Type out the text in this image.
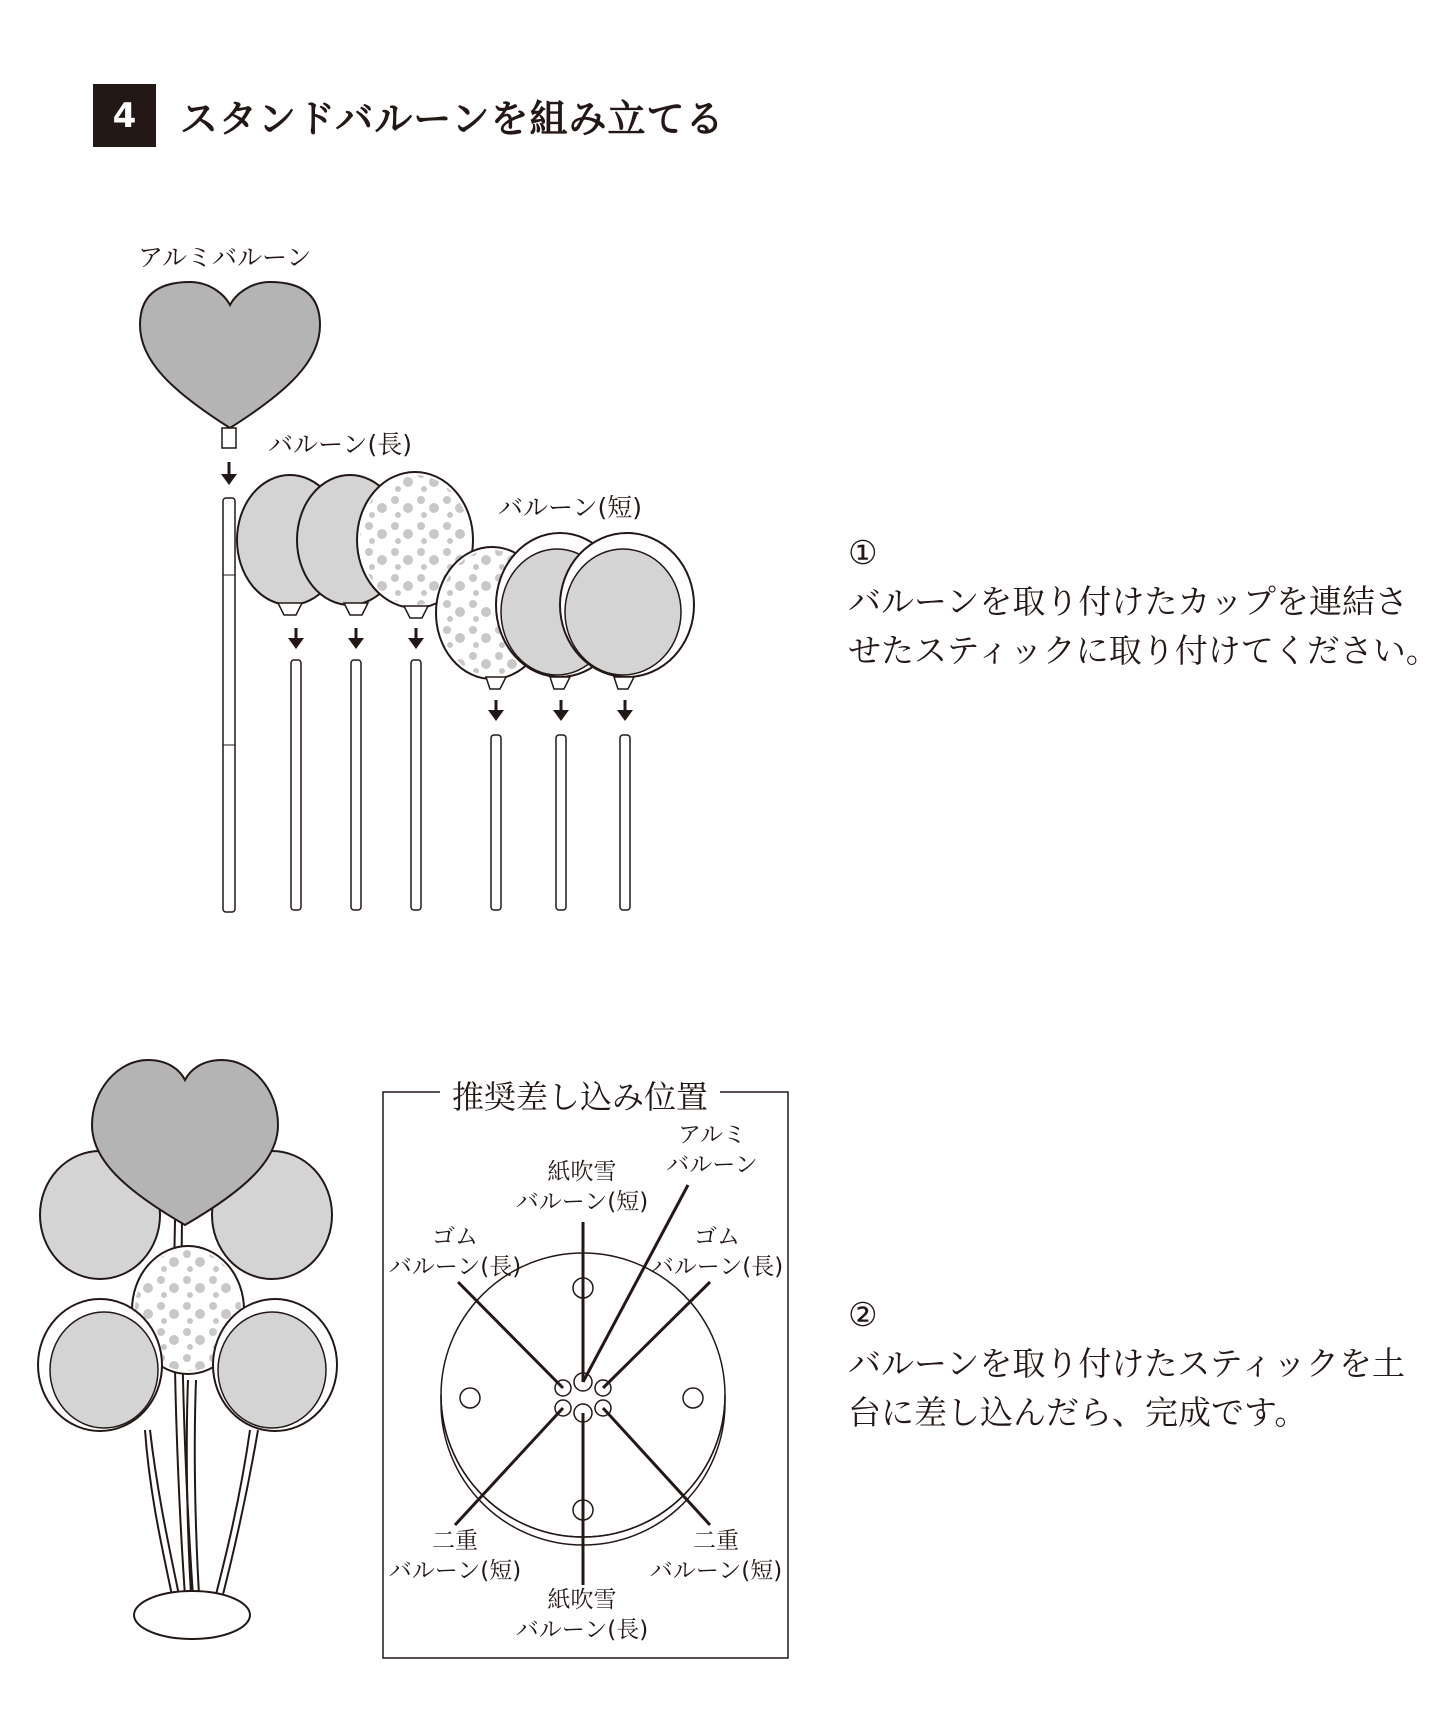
4	スタンドバルーンを組み立てる
アルミバルーン
バルーン(長)
バルーン(短)
①
バルーンを取り付けたカップを連結さ
せたスティックに取り付けてください。
②
バルーンを取り付けたスティックを土
台に差し込んだら、完成です。
推奨差し込み位置
アルミ
バルーン
紙吹雪
バルーン(短)
ゴム
バルーン(長)
ゴム
バルーン(長)
二重
バルーン(短)
二重
バルーン(短)
紙吹雪
バルーン(長)
